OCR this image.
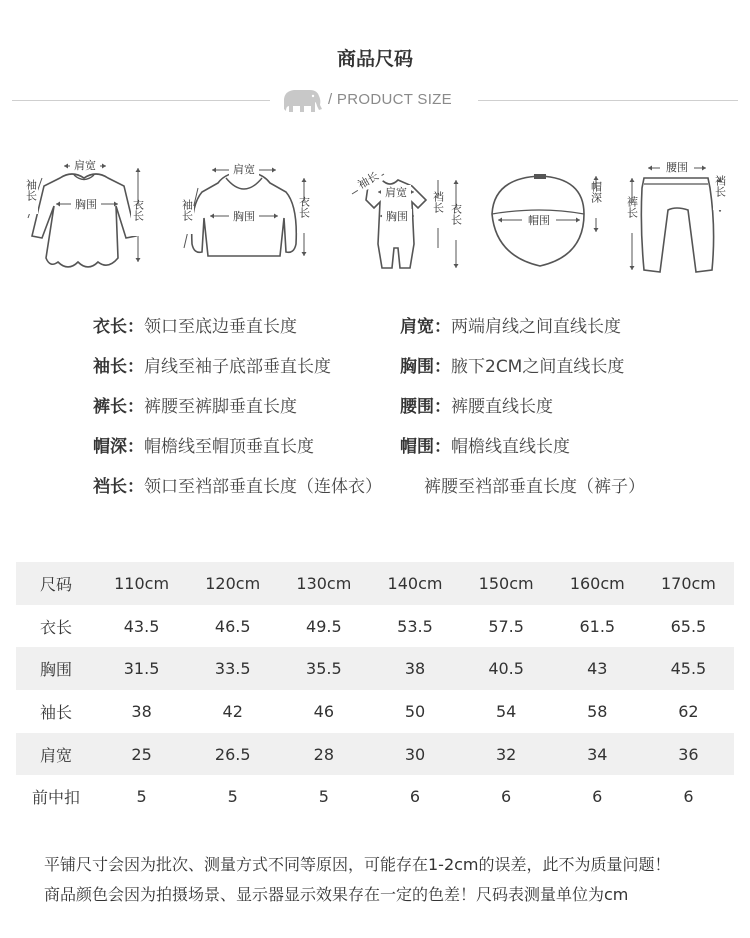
商品尺码
/ PRODUCT SIZE
肩宽
胸围	衣长
袖长
肩宽
胸围	衣长
袖长
肩宽
胸围
袖长
裆长
衣长	帽围
帽深
腰围
裤长
裆长
衣长：领口至底边垂直长度	肩宽：两端肩线之间直线长度
袖长：肩线至袖子底部垂直长度	胸围：腋下2CM之间直线长度
裤长：裤腰至裤脚垂直长度	腰围：裤腰直线长度
帽深：帽檐线至帽顶垂直长度	帽围：帽檐线直线长度
裆长：领口至裆部垂直长度（连体衣） 裤腰至裆部垂直长度（裤子）
尺码	110cm	120cm	130cm	140cm	150cm	160cm	170cm
衣长	43.5	46.5	49.5	53.5	57.5	61.5	65.5
胸围	31.5	33.5	35.5	38	40.5	43	45.5
袖长	38	42	46	50	54	58	62
肩宽	25	26.5	28	30	32	34	36
前中扣	5	5	5	6	6	6	6
平铺尺寸会因为批次、测量方式不同等原因，可能存在1-2cm的误差，此不为质量问题！
商品颜色会因为拍摄场景、显示器显示效果存在一定的色差！尺码表测量单位为cm
